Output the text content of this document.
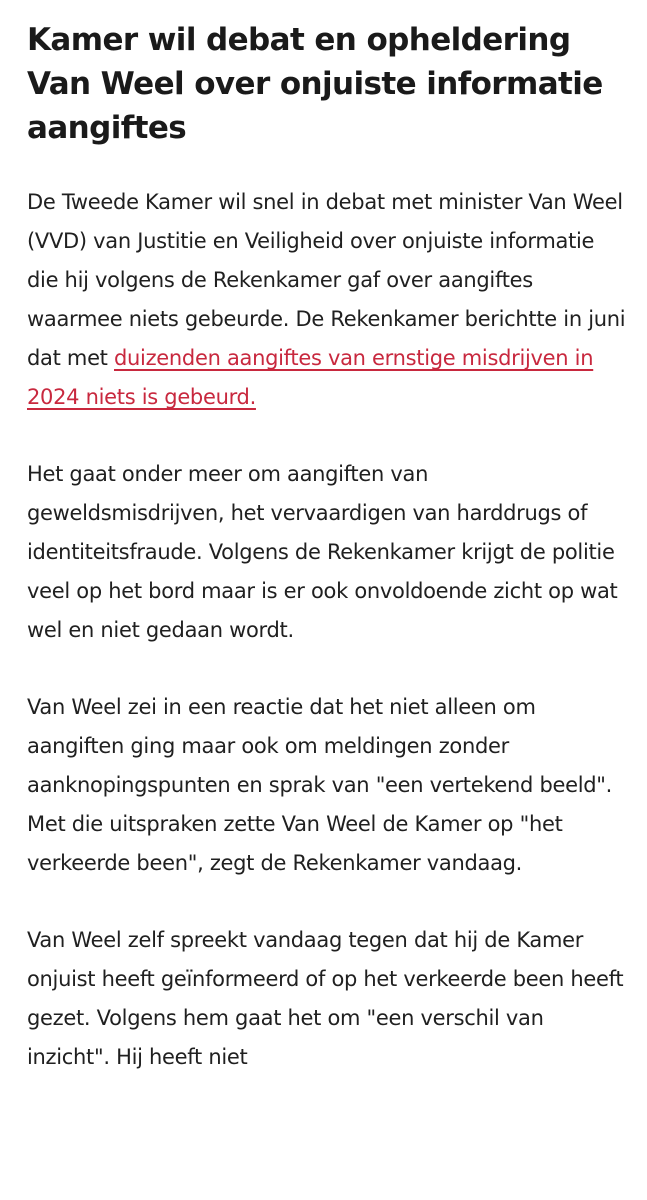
Kamer wil debat en opheldering Van Weel over onjuiste informatie aangiftes

De Tweede Kamer wil snel in debat met minister Van Weel (VVD) van Justitie en Veiligheid over onjuiste informatie die hij volgens de Rekenkamer gaf over aangiftes waarmee niets gebeurde. De Rekenkamer berichtte in juni dat met duizenden aangiftes van ernstige misdrijven in 2024 niets is gebeurd.

Het gaat onder meer om aangiften van geweldsmisdrijven, het vervaardigen van harddrugs of identiteitsfraude. Volgens de Rekenkamer krijgt de politie veel op het bord maar is er ook onvoldoende zicht op wat wel en niet gedaan wordt.

Van Weel zei in een reactie dat het niet alleen om aangiften ging maar ook om meldingen zonder aanknopingspunten en sprak van "een vertekend beeld". Met die uitspraken zette Van Weel de Kamer op "het verkeerde been", zegt de Rekenkamer vandaag.

Van Weel zelf spreekt vandaag tegen dat hij de Kamer onjuist heeft geïnformeerd of op het verkeerde been heeft gezet. Volgens hem gaat het om "een verschil van inzicht". Hij heeft niet
